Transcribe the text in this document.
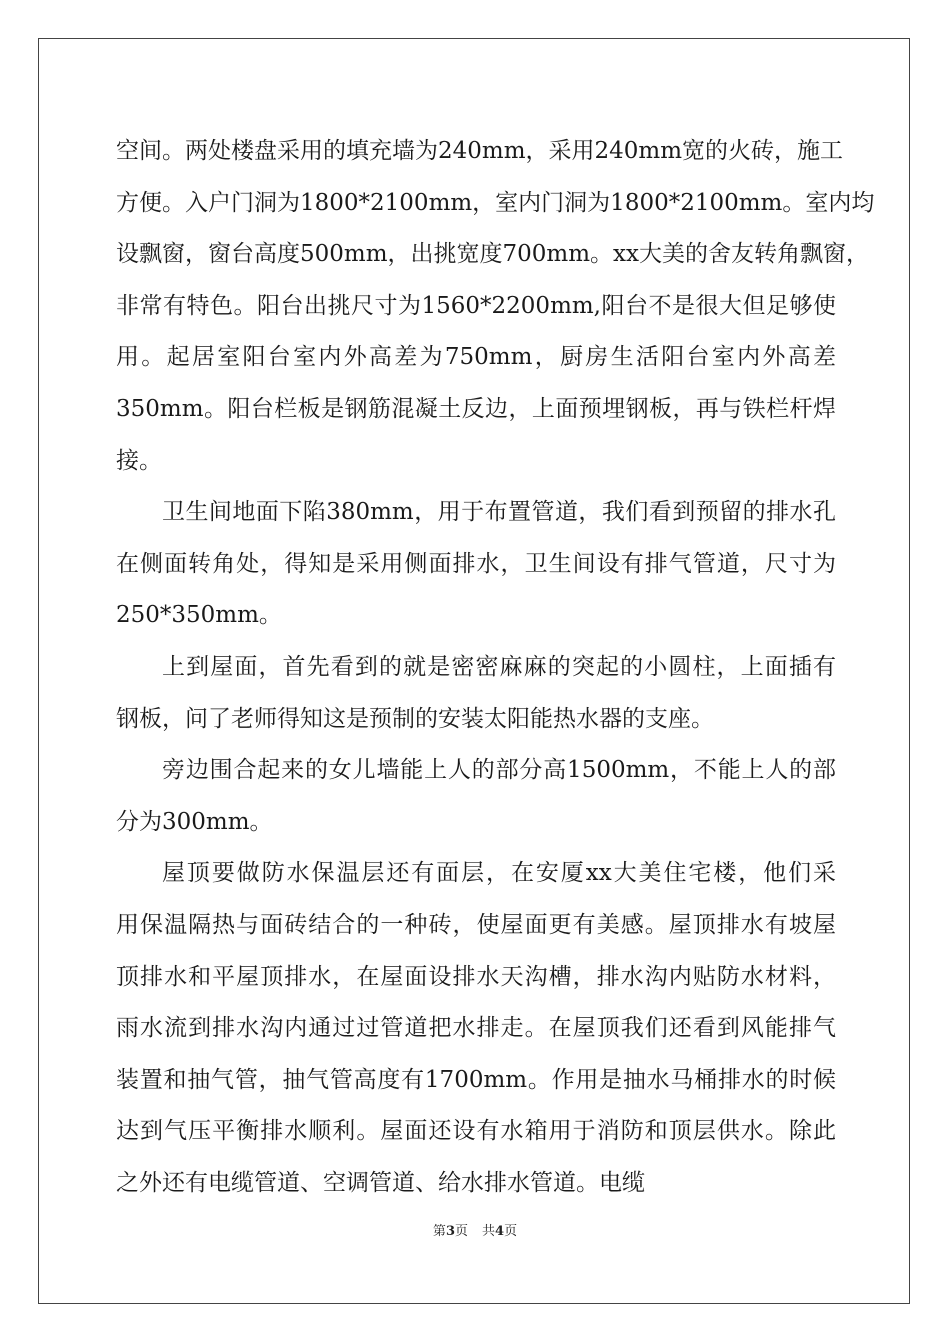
空间。两处楼盘采用的填充墙为240mm，采用240mm宽的火砖，施工
方便。入户门洞为1800*2100mm，室内门洞为1800*2100mm。室内均
设飘窗，窗台高度500mm，出挑宽度700mm。xx大美的舍友转角飘窗，
非常有特色。阳台出挑尺寸为1560*2200mm,阳台不是很大但足够使
用。起居室阳台室内外高差为750mm，厨房生活阳台室内外高差
350mm。阳台栏板是钢筋混凝土反边，上面预埋钢板，再与铁栏杆焊
接。
卫生间地面下陷380mm，用于布置管道，我们看到预留的排水孔
在侧面转角处，得知是采用侧面排水，卫生间设有排气管道，尺寸为
250*350mm。
上到屋面，首先看到的就是密密麻麻的突起的小圆柱，上面插有
钢板，问了老师得知这是预制的安装太阳能热水器的支座。
旁边围合起来的女儿墙能上人的部分高1500mm，不能上人的部
分为300mm。
屋顶要做防水保温层还有面层，在安厦xx大美住宅楼，他们采
用保温隔热与面砖结合的一种砖，使屋面更有美感。屋顶排水有坡屋
顶排水和平屋顶排水，在屋面设排水天沟槽，排水沟内贴防水材料，
雨水流到排水沟内通过过管道把水排走。在屋顶我们还看到风能排气
装置和抽气管，抽气管高度有1700mm。作用是抽水马桶排水的时候
达到气压平衡排水顺利。屋面还设有水箱用于消防和顶层供水。除此
之外还有电缆管道、空调管道、给水排水管道。电缆
第3页 共4页
